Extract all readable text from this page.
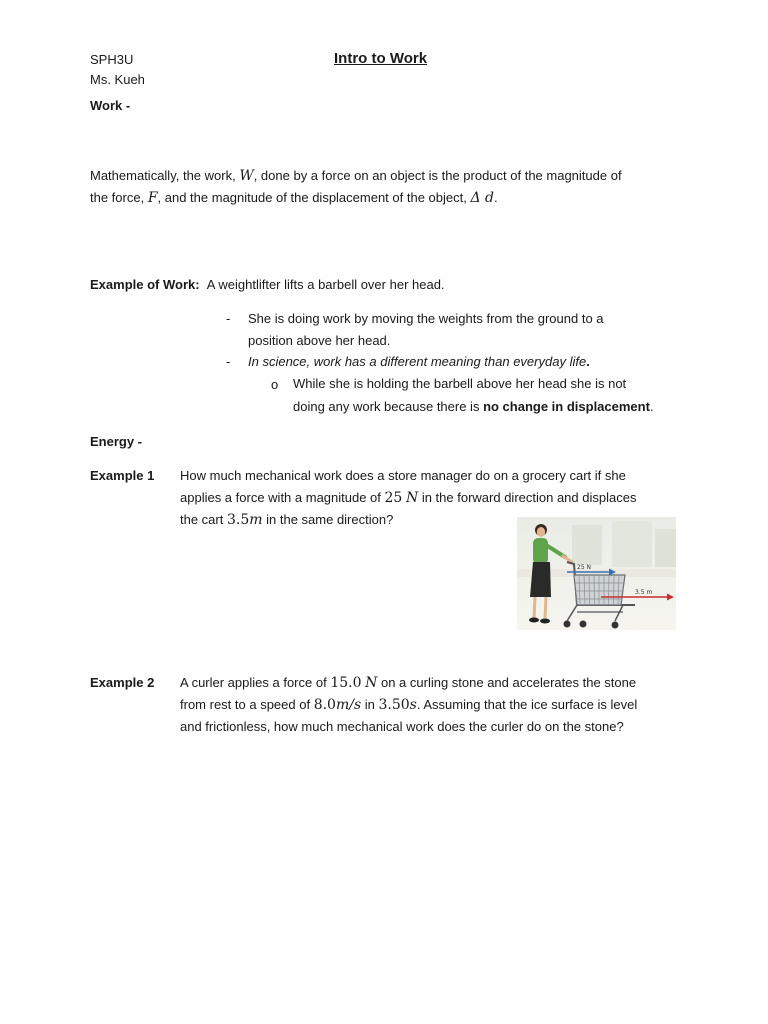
SPH3U
Ms. Kueh
Intro to Work
Work -
Mathematically, the work, W, done by a force on an object is the product of the magnitude of
the force, F, and the magnitude of the displacement of the object, Δ d.
Example of Work: A weightlifter lifts a barbell over her head.
- She is doing work by moving the weights from the ground to a
position above her head.
- In science, work has a different meaning than everyday life.
o While she is holding the barbell above her head she is not
doing any work because there is no change in displacement.
Energy -
Example 1 How much mechanical work does a store manager do on a grocery cart if she
applies a force with a magnitude of 25 N in the forward direction and displaces
the cart 3.5m in the same direction?
25 N
3.5 m
Example 2 A curler applies a force of 15.0 N on a curling stone and accelerates the stone
from rest to a speed of 8.0m/s in 3.50s. Assuming that the ice surface is level
and frictionless, how much mechanical work does the curler do on the stone?
